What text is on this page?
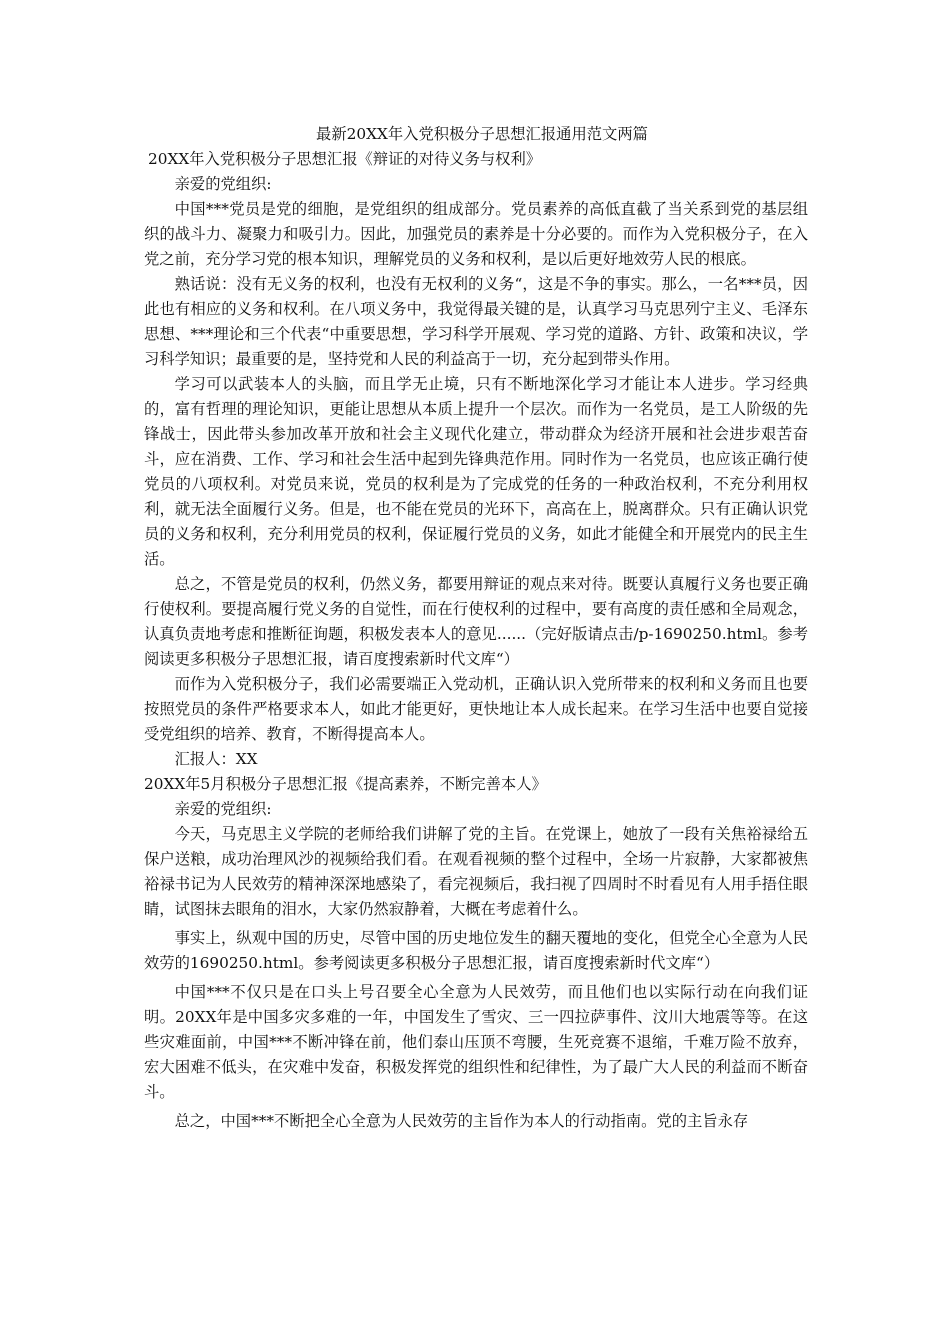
最新20XX年入党积极分子思想汇报通用范文两篇
20XX年入党积极分子思想汇报《辩证的对待义务与权利》

亲爱的党组织:

中国***党员是党的细胞，是党组织的组成部分。党员素养的高低直截了当关系到党的基层组织的战斗力、凝聚力和吸引力。因此，加强党员的素养是十分必要的。而作为入党积极分子，在入党之前，充分学习党的根本知识，理解党员的义务和权利，是以后更好地效劳人民的根底。

熟话说：没有无义务的权利，也没有无权利的义务“，这是不争的事实。那么，一名***员，因此也有相应的义务和权利。在八项义务中，我觉得最关键的是，认真学习马克思列宁主义、毛泽东思想、***理论和三个代表“中重要思想，学习科学开展观、学习党的道路、方针、政策和决议，学习科学知识；最重要的是，坚持党和人民的利益高于一切，充分起到带头作用。

学习可以武装本人的头脑，而且学无止境，只有不断地深化学习才能让本人进步。学习经典的，富有哲理的理论知识，更能让思想从本质上提升一个层次。而作为一名党员，是工人阶级的先锋战士，因此带头参加改革开放和社会主义现代化建立，带动群众为经济开展和社会进步艰苦奋斗，应在消费、工作、学习和社会生活中起到先锋典范作用。同时作为一名党员，也应该正确行使党员的八项权利。对党员来说，党员的权利是为了完成党的任务的一种政治权利，不充分利用权利，就无法全面履行义务。但是，也不能在党员的光环下，高高在上，脱离群众。只有正确认识党员的义务和权利，充分利用党员的权利，保证履行党员的义务，如此才能健全和开展党内的民主生活。

总之，不管是党员的权利，仍然义务，都要用辩证的观点来对待。既要认真履行义务也要正确行使权利。要提高履行党义务的自觉性，而在行使权利的过程中，要有高度的责任感和全局观念，认真负责地考虑和推断征询题，积极发表本人的意见......（完好版请点击/p-1690250.html。参考阅读更多积极分子思想汇报，请百度搜索新时代文库“）

而作为入党积极分子，我们必需要端正入党动机，正确认识入党所带来的权利和义务而且也要按照党员的条件严格要求本人，如此才能更好，更快地让本人成长起来。在学习生活中也要自觉接受党组织的培养、教育，不断得提高本人。

汇报人：XX

20XX年5月积极分子思想汇报《提高素养，不断完善本人》

亲爱的党组织:

今天，马克思主义学院的老师给我们讲解了党的主旨。在党课上，她放了一段有关焦裕禄给五保户送粮，成功治理风沙的视频给我们看。在观看视频的整个过程中，全场一片寂静，大家都被焦裕禄书记为人民效劳的精神深深地感染了，看完视频后，我扫视了四周时不时看见有人用手捂住眼睛，试图抹去眼角的泪水，大家仍然寂静着，大概在考虑着什么。

事实上，纵观中国的历史，尽管中国的历史地位发生的翻天覆地的变化，但党全心全意为人民效劳的1690250.html。参考阅读更多积极分子思想汇报，请百度搜索新时代文库“）

中国***不仅只是在口头上号召要全心全意为人民效劳，而且他们也以实际行动在向我们证明。20XX年是中国多灾多难的一年，中国发生了雪灾、三一四拉萨事件、汶川大地震等等。在这些灾难面前，中国***不断冲锋在前，他们泰山压顶不弯腰，生死竞赛不退缩，千难万险不放弃，宏大困难不低头，在灾难中发奋，积极发挥党的组织性和纪律性，为了最广大人民的利益而不断奋斗。

总之，中国***不断把全心全意为人民效劳的主旨作为本人的行动指南。党的主旨永存
